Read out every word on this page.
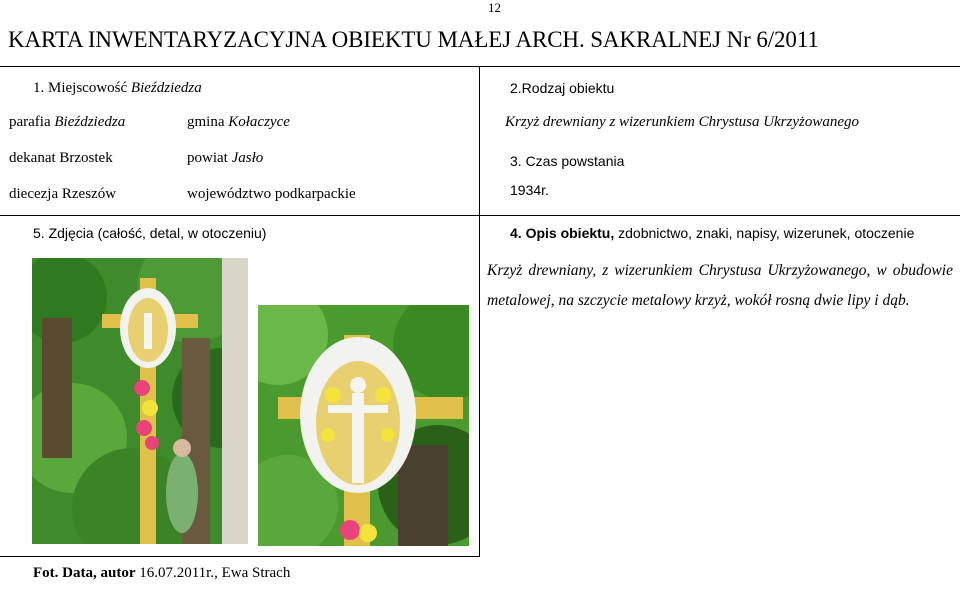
12
KARTA INWENTARYZACYJNA OBIEKTU MAŁEJ ARCH. SAKRALNEJ Nr 6/2011
1. Miejscowość Bieździedza
parafia Bieździedza	gmina Kołaczyce
dekanat Brzostek	powiat Jasło
diecezja Rzeszów	województwo podkarpackie
2.Rodzaj obiektu
Krzyż drewniany z wizerunkiem Chrystusa Ukrzyżowanego
3. Czas powstania
1934r.
5. Zdjęcia (całość, detal, w otoczeniu)	4. Opis obiektu, zdobnictwo, znaki, napisy, wizerunek, otoczenie
Krzyż drewniany, z wizerunkiem Chrystusa Ukrzyżowanego, w obudowie metalowej, na szczycie metalowy krzyż, wokół rosną dwie lipy i dąb.
Fot. Data, autor 16.07.2011r., Ewa Strach
